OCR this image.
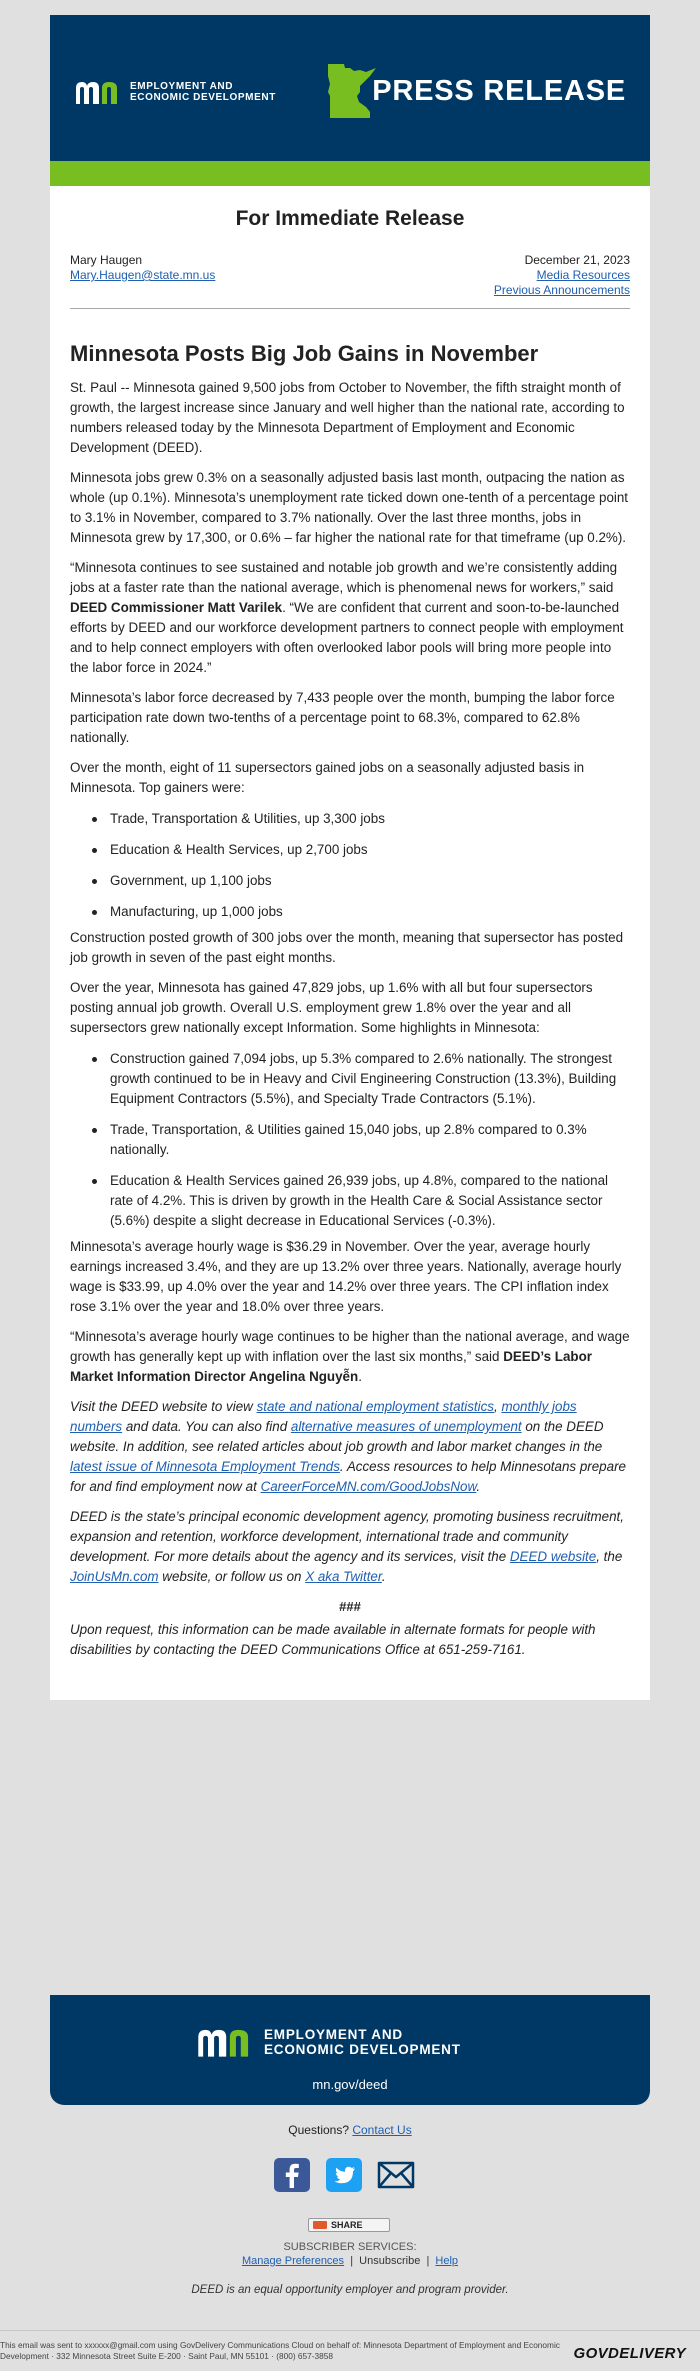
EMPLOYMENT AND
ECONOMIC DEVELOPMENT	PRESS RELEASE
For Immediate Release
Mary Haugen
Mary.Haugen@state.mn.us
December 21, 2023
Media Resources
Previous Announcements
Minnesota Posts Big Job Gains in November

St. Paul -- Minnesota gained 9,500 jobs from October to November, the fifth straight month of growth, the largest increase since January and well higher than the national rate, according to numbers released today by the Minnesota Department of Employment and Economic Development (DEED).

Minnesota jobs grew 0.3% on a seasonally adjusted basis last month, outpacing the nation as whole (up 0.1%). Minnesota’s unemployment rate ticked down one-tenth of a percentage point to 3.1% in November, compared to 3.7% nationally. Over the last three months, jobs in Minnesota grew by 17,300, or 0.6% – far higher the national rate for that timeframe (up 0.2%).

“Minnesota continues to see sustained and notable job growth and we’re consistently adding jobs at a faster rate than the national average, which is phenomenal news for workers,” said DEED Commissioner Matt Varilek. “We are confident that current and soon-to-be-launched efforts by DEED and our workforce development partners to connect people with employment and to help connect employers with often overlooked labor pools will bring more people into the labor force in 2024.”

Minnesota’s labor force decreased by 7,433 people over the month, bumping the labor force participation rate down two-tenths of a percentage point to 68.3%, compared to 62.8% nationally.

Over the month, eight of 11 supersectors gained jobs on a seasonally adjusted basis in Minnesota. Top gainers were:

Trade, Transportation & Utilities, up 3,300 jobs
Education & Health Services, up 2,700 jobs
Government, up 1,100 jobs
Manufacturing, up 1,000 jobs

Construction posted growth of 300 jobs over the month, meaning that supersector has posted job growth in seven of the past eight months.

Over the year, Minnesota has gained 47,829 jobs, up 1.6% with all but four supersectors posting annual job growth. Overall U.S. employment grew 1.8% over the year and all supersectors grew nationally except Information. Some highlights in Minnesota:

Construction gained 7,094 jobs, up 5.3% compared to 2.6% nationally. The strongest growth continued to be in Heavy and Civil Engineering Construction (13.3%), Building Equipment Contractors (5.5%), and Specialty Trade Contractors (5.1%).
Trade, Transportation, & Utilities gained 15,040 jobs, up 2.8% compared to 0.3% nationally.
Education & Health Services gained 26,939 jobs, up 4.8%, compared to the national rate of 4.2%. This is driven by growth in the Health Care & Social Assistance sector (5.6%) despite a slight decrease in Educational Services (-0.3%).

Minnesota’s average hourly wage is $36.29 in November. Over the year, average hourly earnings increased 3.4%, and they are up 13.2% over three years. Nationally, average hourly wage is $33.99, up 4.0% over the year and 14.2% over three years. The CPI inflation index rose 3.1% over the year and 18.0% over three years.

“Minnesota’s average hourly wage continues to be higher than the national average, and wage growth has generally kept up with inflation over the last six months,” said DEED’s Labor Market Information Director Angelina Nguyễn.

Visit the DEED website to view state and national employment statistics, monthly jobs numbers and data. You can also find alternative measures of unemployment on the DEED website. In addition, see related articles about job growth and labor market changes in the latest issue of Minnesota Employment Trends. Access resources to help Minnesotans prepare for and find employment now at CareerForceMN.com/GoodJobsNow.

DEED is the state’s principal economic development agency, promoting business recruitment, expansion and retention, workforce development, international trade and community development. For more details about the agency and its services, visit the DEED website, the JoinUsMn.com website, or follow us on X aka Twitter.

###

Upon request, this information can be made available in alternate formats for people with disabilities by contacting the DEED Communications Office at 651-259-7161.

EMPLOYMENT AND
ECONOMIC DEVELOPMENT
mn.gov/deed
Questions? Contact Us
SHARE
SUBSCRIBER SERVICES:
Manage Preferences | Unsubscribe | Help
DEED is an equal opportunity employer and program provider.
This email was sent to xxxxxx@gmail.com using GovDelivery Communications Cloud on behalf of: Minnesota Department of Employment and Economic Development · 332 Minnesota Street Suite E-200 · Saint Paul, MN 55101 · (800) 657-3858	GOVDELIVERY
